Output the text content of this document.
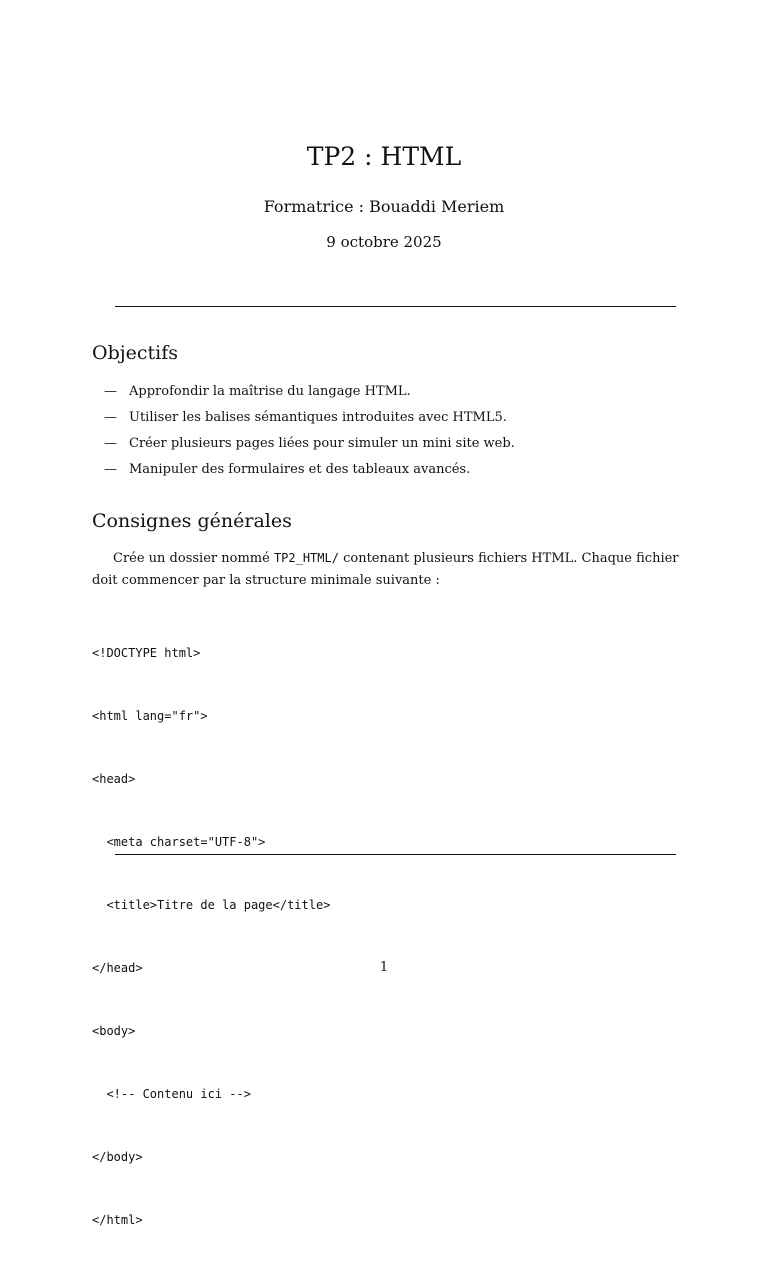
TP2 : HTML
Formatrice : Bouaddi Meriem
9 octobre 2025
Objectifs
— Approfondir la maîtrise du langage HTML.
— Utiliser les balises sémantiques introduites avec HTML5.
— Créer plusieurs pages liées pour simuler un mini site web.
— Manipuler des formulaires et des tableaux avancés.
Consignes générales

Crée un dossier nommé TP2_HTML/ contenant plusieurs fichiers HTML. Chaque fichier doit commencer par la structure minimale suivante :

<!DOCTYPE html>

<html lang="fr">

<head>

<meta charset="UTF-8">

<title>Titre de la page</title>

</head>

<body>

<!-- Contenu ici -->

</body>

</html>

1
